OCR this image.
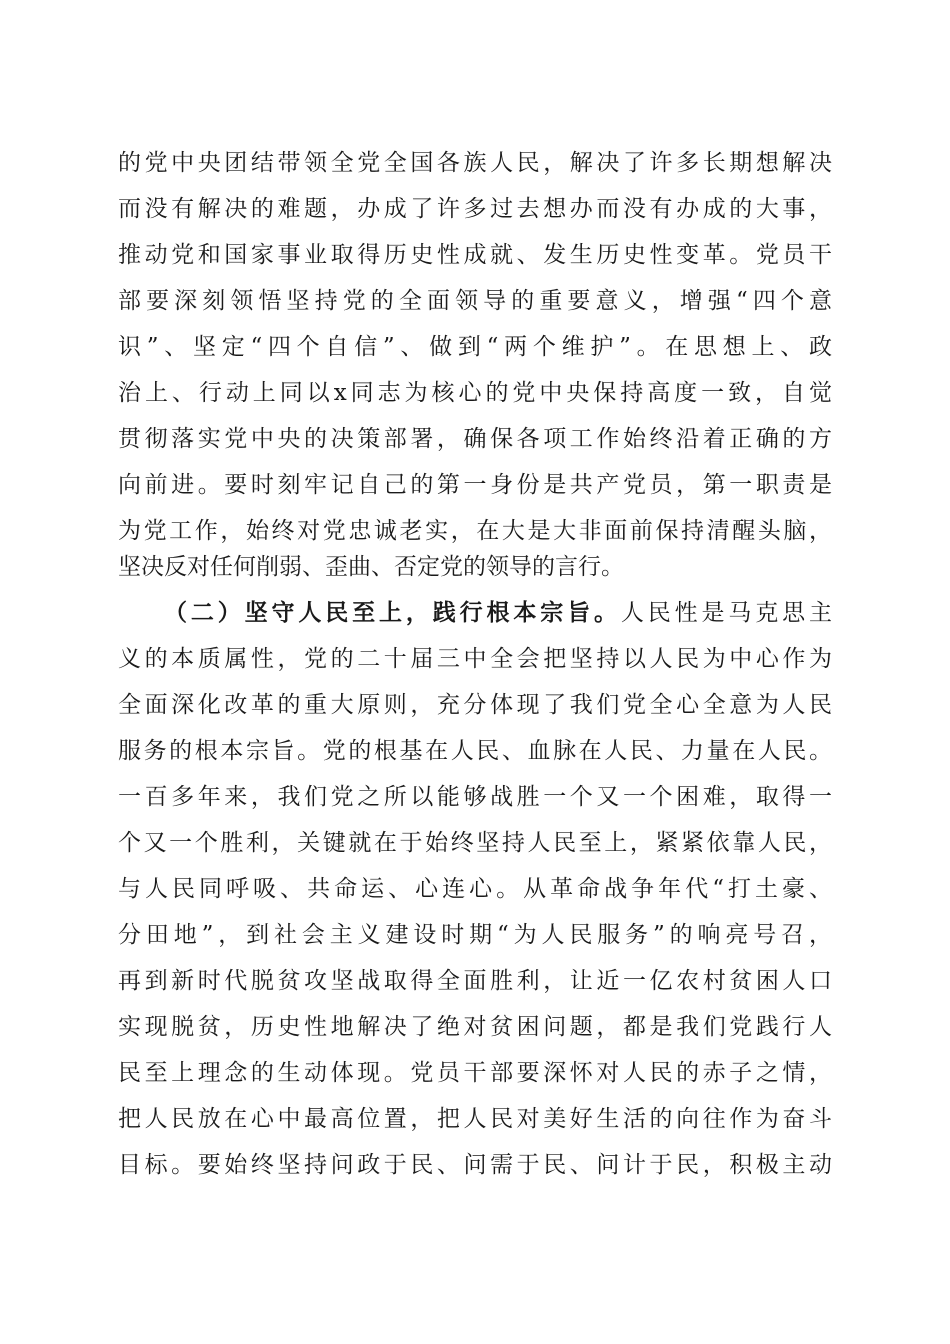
的党中央团结带领全党全国各族人民，解决了许多长期想解决
而没有解决的难题，办成了许多过去想办而没有办成的大事，
推动党和国家事业取得历史性成就、发生历史性变革。党员干
部要深刻领悟坚持党的全面领导的重要意义，增强“四个意
识”、坚定“四个自信”、做到“两个维护”。在思想上、政
治上、行动上同以x同志为核心的党中央保持高度一致，自觉
贯彻落实党中央的决策部署，确保各项工作始终沿着正确的方
向前进。要时刻牢记自己的第一身份是共产党员，第一职责是
为党工作，始终对党忠诚老实，在大是大非面前保持清醒头脑，
坚决反对任何削弱、歪曲、否定党的领导的言行。
（二）坚守人民至上，践行根本宗旨。人民性是马克思主
义的本质属性，党的二十届三中全会把坚持以人民为中心作为
全面深化改革的重大原则，充分体现了我们党全心全意为人民
服务的根本宗旨。党的根基在人民、血脉在人民、力量在人民。
一百多年来，我们党之所以能够战胜一个又一个困难，取得一
个又一个胜利，关键就在于始终坚持人民至上，紧紧依靠人民，
与人民同呼吸、共命运、心连心。从革命战争年代“打土豪、
分田地”，到社会主义建设时期“为人民服务”的响亮号召，
再到新时代脱贫攻坚战取得全面胜利，让近一亿农村贫困人口
实现脱贫，历史性地解决了绝对贫困问题，都是我们党践行人
民至上理念的生动体现。党员干部要深怀对人民的赤子之情，
把人民放在心中最高位置，把人民对美好生活的向往作为奋斗
目标。要始终坚持问政于民、问需于民、问计于民，积极主动
